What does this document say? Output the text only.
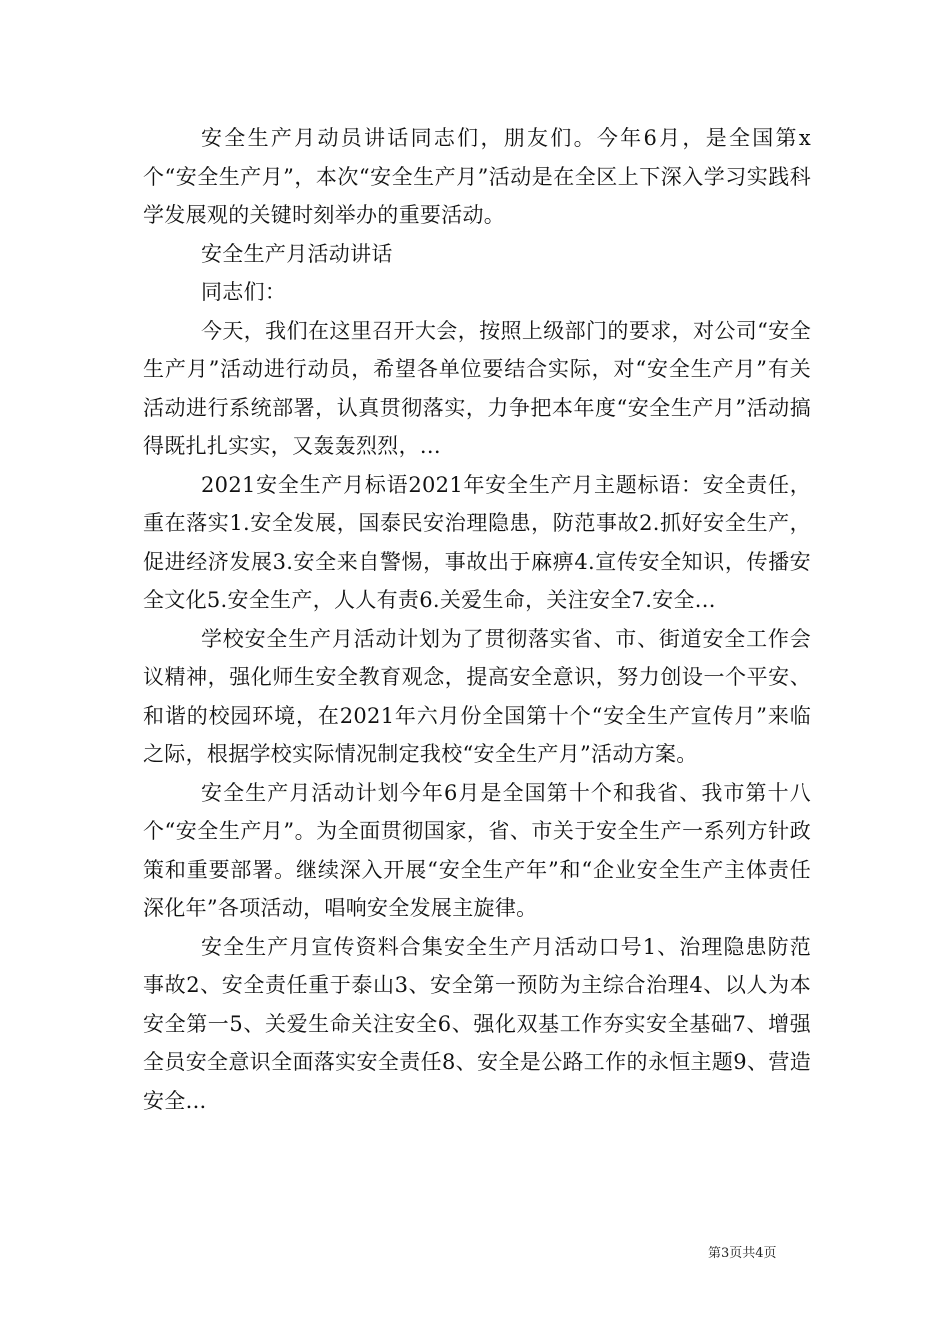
安全生产月动员讲话同志们，朋友们。今年6月，是全国第x个“安全生产月”，本次“安全生产月”活动是在全区上下深入学习实践科学发展观的关键时刻举办的重要活动。

安全生产月活动讲话

同志们：

今天，我们在这里召开大会，按照上级部门的要求，对公司“安全生产月”活动进行动员，希望各单位要结合实际，对“安全生产月”有关活动进行系统部署，认真贯彻落实，力争把本年度“安全生产月”活动搞得既扎扎实实，又轰轰烈烈，...

2021安全生产月标语2021年安全生产月主题标语：安全责任，重在落实1.安全发展，国泰民安治理隐患，防范事故2.抓好安全生产，促进经济发展3.安全来自警惕，事故出于麻痹4.宣传安全知识，传播安全文化5.安全生产，人人有责6.关爱生命，关注安全7.安全...

学校安全生产月活动计划为了贯彻落实省、市、街道安全工作会议精神，强化师生安全教育观念，提高安全意识，努力创设一个平安、和谐的校园环境，在2021年六月份全国第十个“安全生产宣传月”来临之际，根据学校实际情况制定我校“安全生产月”活动方案。

安全生产月活动计划今年6月是全国第十个和我省、我市第十八个“安全生产月”。为全面贯彻国家，省、市关于安全生产一系列方针政策和重要部署。继续深入开展“安全生产年”和“企业安全生产主体责任深化年”各项活动，唱响安全发展主旋律。

安全生产月宣传资料合集安全生产月活动口号1、治理隐患防范事故2、安全责任重于泰山3、安全第一预防为主综合治理4、以人为本安全第一5、关爱生命关注安全6、强化双基工作夯实安全基础7、增强全员安全意识全面落实安全责任8、安全是公路工作的永恒主题9、营造安全...

第3页共4页
